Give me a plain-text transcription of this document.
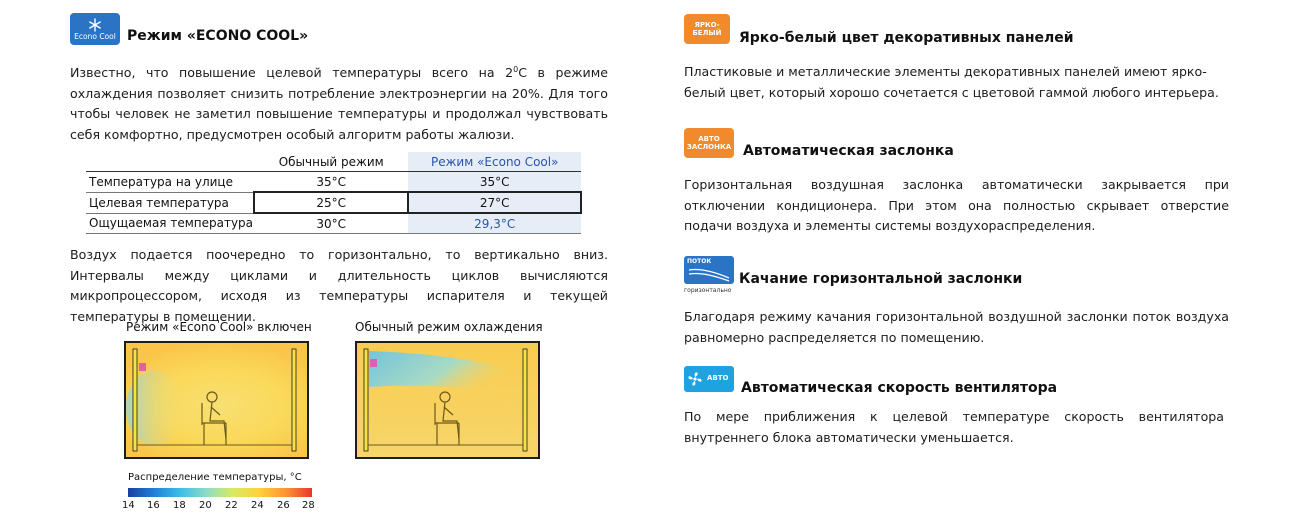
Econo Cool Режим «ECONO COOL»
Известно, что повышение целевой температуры всего на $2^0C$ в режиме охлаждения позволяет снизить потребление электроэнергии на 20%. Для того чтобы человек не заметил повышение температуры и продолжал чувствовать себя комфортно, предусмотрен особый алгоритм работы жалюзи.
	Обычный режим	Режим «Econo Cool»
Температура на улице	35°C	35°C
Целевая температура	25°C	27°C
Ощущаемая температура	30°C	29,3°C
Воздух подается поочередно то горизонтально, то вертикально вниз. Интервалы между циклами и длительность циклов вычисляются микропроцессором, исходя из температуры испарителя и текущей температуры в помещении.
Режим «Econo Cool» включен	Обычный режим охлаждения
Распределение температуры, °C
14 16 18 20 22 24 26 28
ЯРКО-
БЕЛЫЙ Ярко-белый цвет декоративных панелей
Пластиковые и металлические элементы декоративных панелей имеют ярко-белый цвет, который хорошо сочетается с цветовой гаммой любого интерьера.
АВТО
ЗАСЛОНКА Автоматическая заслонка
Горизонтальная воздушная заслонка автоматически закрывается при отключении кондиционера. При этом она полностью скрывает отверстие подачи воздуха и элементы системы воздухораспределения.
ПОТОК
горизонтально
Качание горизонтальной заслонки
Благодаря режиму качания горизонтальной воздушной заслонки поток воздуха равномерно распределяется по помещению.
АВТО
Автоматическая скорость вентилятора
По мере приближения к целевой температуре скорость вентилятора внутреннего блока автоматически уменьшается.
